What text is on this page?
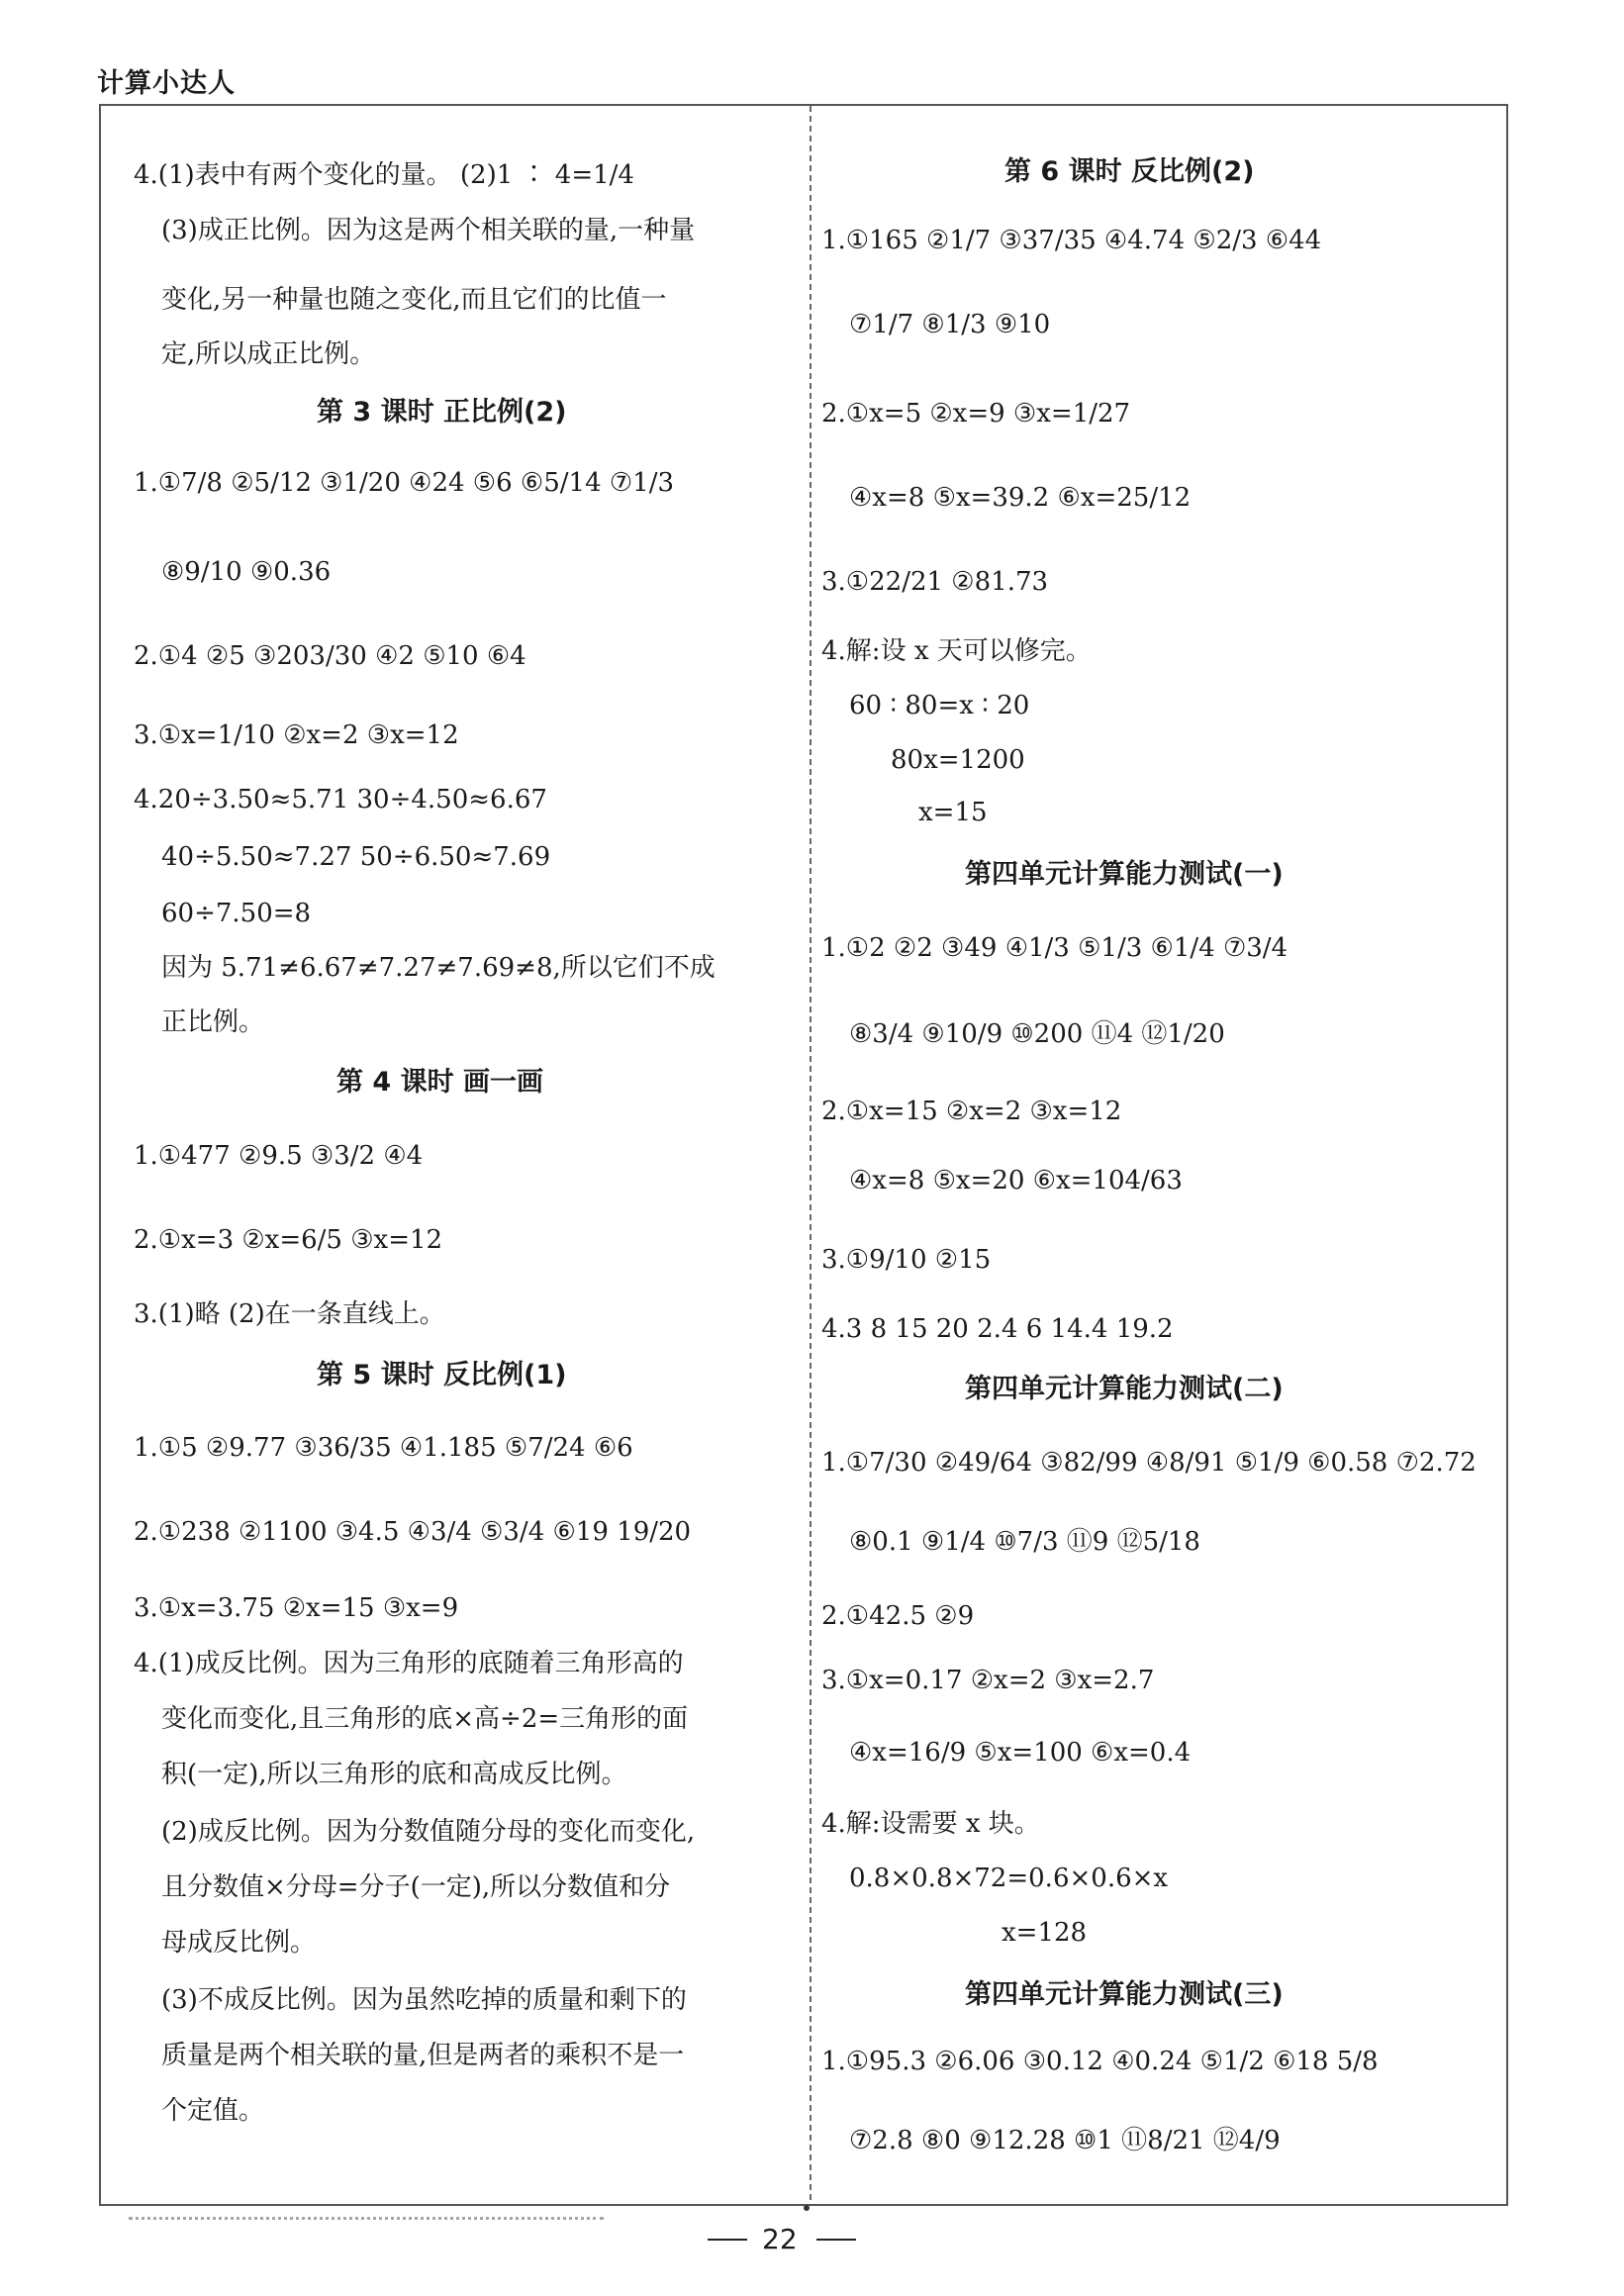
计算小达人
4.(1)表中有两个变化的量。 (2)1 ∶ 4=1/4
(3)成正比例。因为这是两个相关联的量,一种量
变化,另一种量也随之变化,而且它们的比值一
定,所以成正比例。
第 3 课时 正比例(2)
1.①7/8 ②5/12 ③1/20 ④24 ⑤6 ⑥5/14 ⑦1/3
⑧9/10 ⑨0.36
2.①4 ②5 ③203/30 ④2 ⑤10 ⑥4
3.①x=1/10 ②x=2 ③x=12
4.20÷3.50≈5.71 30÷4.50≈6.67
40÷5.50≈7.27 50÷6.50≈7.69
60÷7.50=8
因为 5.71≠6.67≠7.27≠7.69≠8,所以它们不成
正比例。
第 4 课时 画一画
1.①477 ②9.5 ③3/2 ④4
2.①x=3 ②x=6/5 ③x=12
3.(1)略 (2)在一条直线上。
第 5 课时 反比例(1)
1.①5 ②9.77 ③36/35 ④1.185 ⑤7/24 ⑥6
2.①238 ②1100 ③4.5 ④3/4 ⑤3/4 ⑥19 19/20
3.①x=3.75 ②x=15 ③x=9
4.(1)成反比例。因为三角形的底随着三角形高的
变化而变化,且三角形的底×高÷2=三角形的面
积(一定),所以三角形的底和高成反比例。
(2)成反比例。因为分数值随分母的变化而变化,
且分数值×分母=分子(一定),所以分数值和分
母成反比例。
(3)不成反比例。因为虽然吃掉的质量和剩下的
质量是两个相关联的量,但是两者的乘积不是一
个定值。
第 6 课时 反比例(2)
1.①165 ②1/7 ③37/35 ④4.74 ⑤2/3 ⑥44
⑦1/7 ⑧1/3 ⑨10
2.①x=5 ②x=9 ③x=1/27
④x=8 ⑤x=39.2 ⑥x=25/12
3.①22/21 ②81.73
4.解:设 x 天可以修完。
60 ∶ 80=x ∶ 20
80x=1200
x=15
第四单元计算能力测试(一)
1.①2 ②2 ③49 ④1/3 ⑤1/3 ⑥1/4 ⑦3/4
⑧3/4 ⑨10/9 ⑩200 ⑪4 ⑫1/20
2.①x=15 ②x=2 ③x=12
④x=8 ⑤x=20 ⑥x=104/63
3.①9/10 ②15
4.3 8 15 20 2.4 6 14.4 19.2
第四单元计算能力测试(二)
1.①7/30 ②49/64 ③82/99 ④8/91 ⑤1/9 ⑥0.58 ⑦2.72
⑧0.1 ⑨1/4 ⑩7/3 ⑪9 ⑫5/18
2.①42.5 ②9
3.①x=0.17 ②x=2 ③x=2.7
④x=16/9 ⑤x=100 ⑥x=0.4
4.解:设需要 x 块。
0.8×0.8×72=0.6×0.6×x
x=128
第四单元计算能力测试(三)
1.①95.3 ②6.06 ③0.12 ④0.24 ⑤1/2 ⑥18 5/8
⑦2.8 ⑧0 ⑨12.28 ⑩1 ⑪8/21 ⑫4/9
22
